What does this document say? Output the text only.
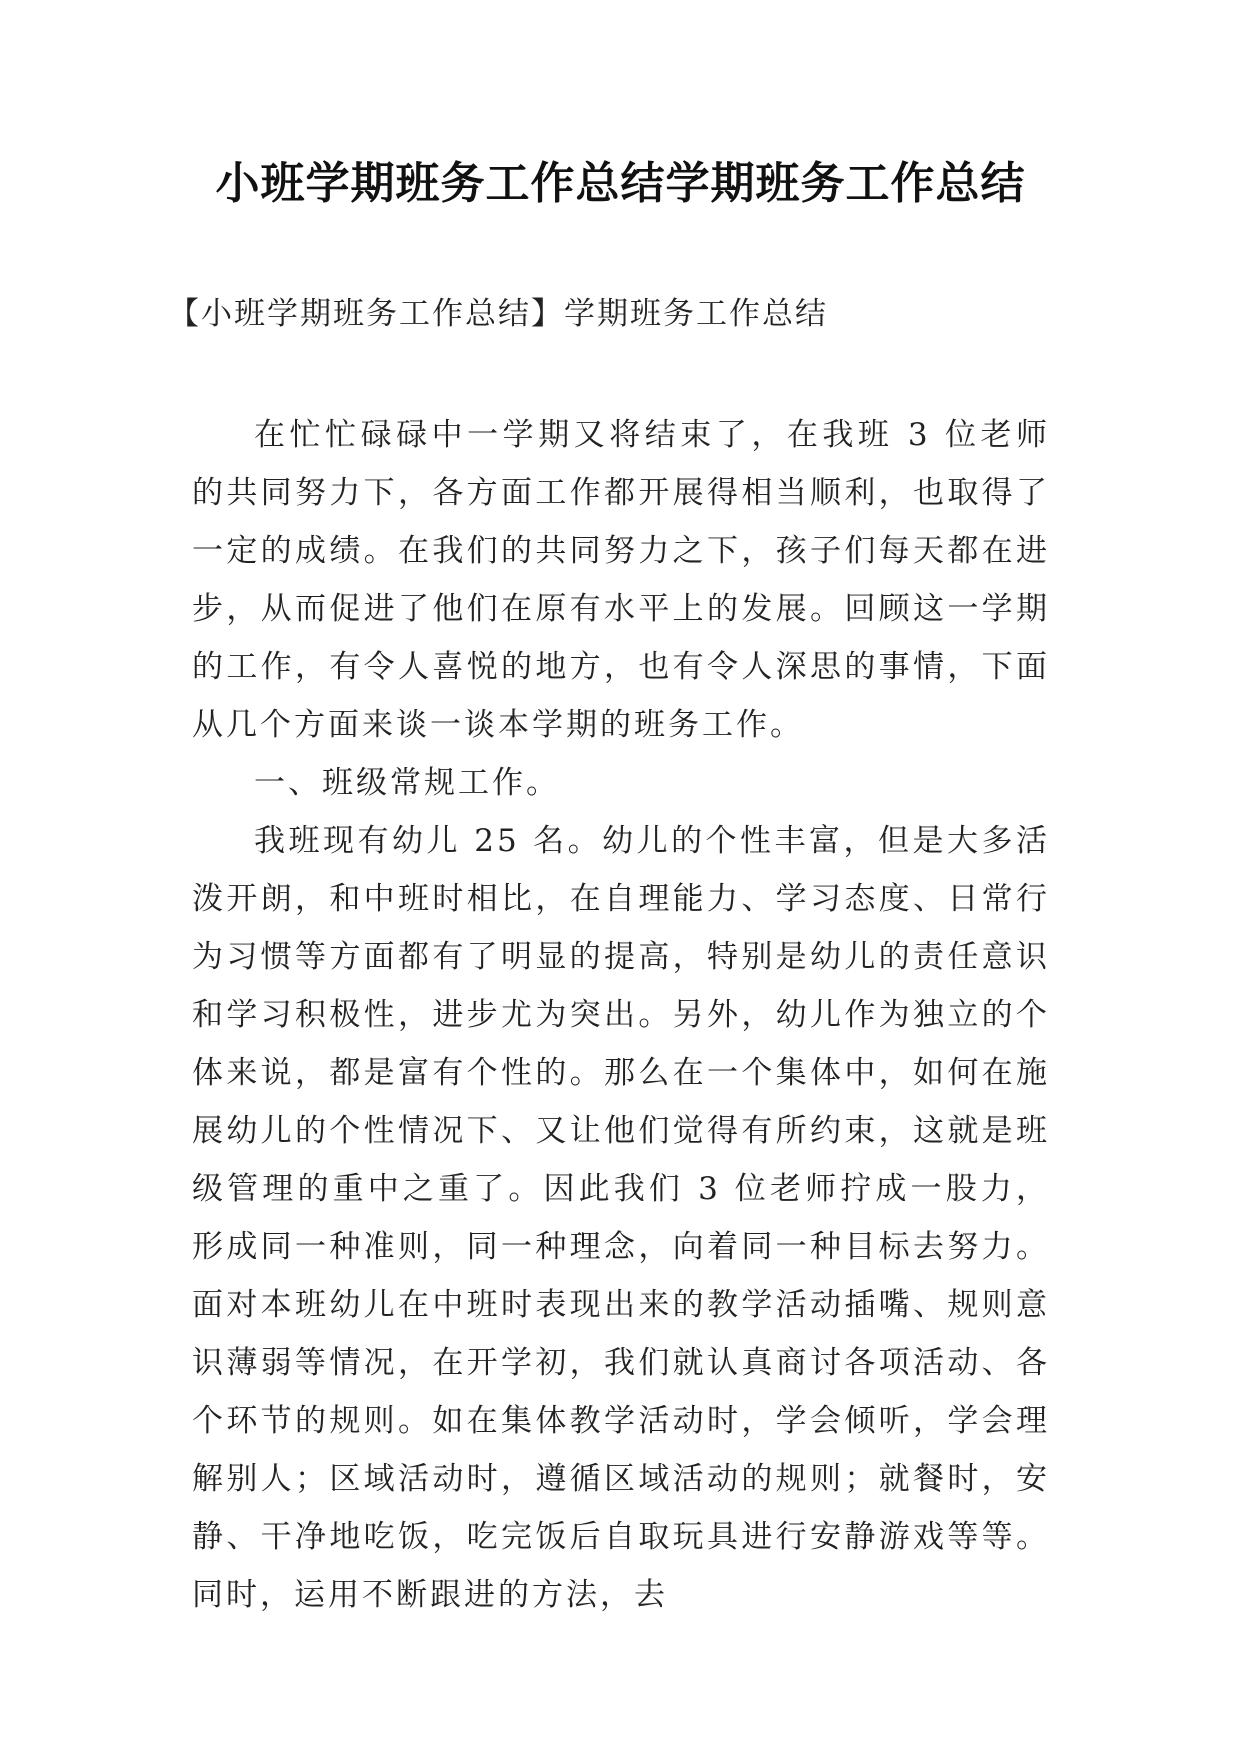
小班学期班务工作总结学期班务工作总结
【小班学期班务工作总结】学期班务工作总结

在忙忙碌碌中一学期又将结束了，在我班 3 位老师的共同努力下，各方面工作都开展得相当顺利，也取得了一定的成绩。在我们的共同努力之下，孩子们每天都在进步，从而促进了他们在原有水平上的发展。回顾这一学期的工作，有令人喜悦的地方，也有令人深思的事情，下面从几个方面来谈一谈本学期的班务工作。

一、班级常规工作。

我班现有幼儿 25 名。幼儿的个性丰富，但是大多活泼开朗，和中班时相比，在自理能力、学习态度、日常行为习惯等方面都有了明显的提高，特别是幼儿的责任意识和学习积极性，进步尤为突出。另外，幼儿作为独立的个体来说，都是富有个性的。那么在一个集体中，如何在施展幼儿的个性情况下、又让他们觉得有所约束，这就是班级管理的重中之重了。因此我们 3 位老师拧成一股力，形成同一种准则，同一种理念，向着同一种目标去努力。面对本班幼儿在中班时表现出来的教学活动插嘴、规则意识薄弱等情况，在开学初，我们就认真商讨各项活动、各个环节的规则。如在集体教学活动时，学会倾听，学会理解别人；区域活动时，遵循区域活动的规则；就餐时，安静、干净地吃饭，吃完饭后自取玩具进行安静游戏等等。同时，运用不断跟进的方法，去
